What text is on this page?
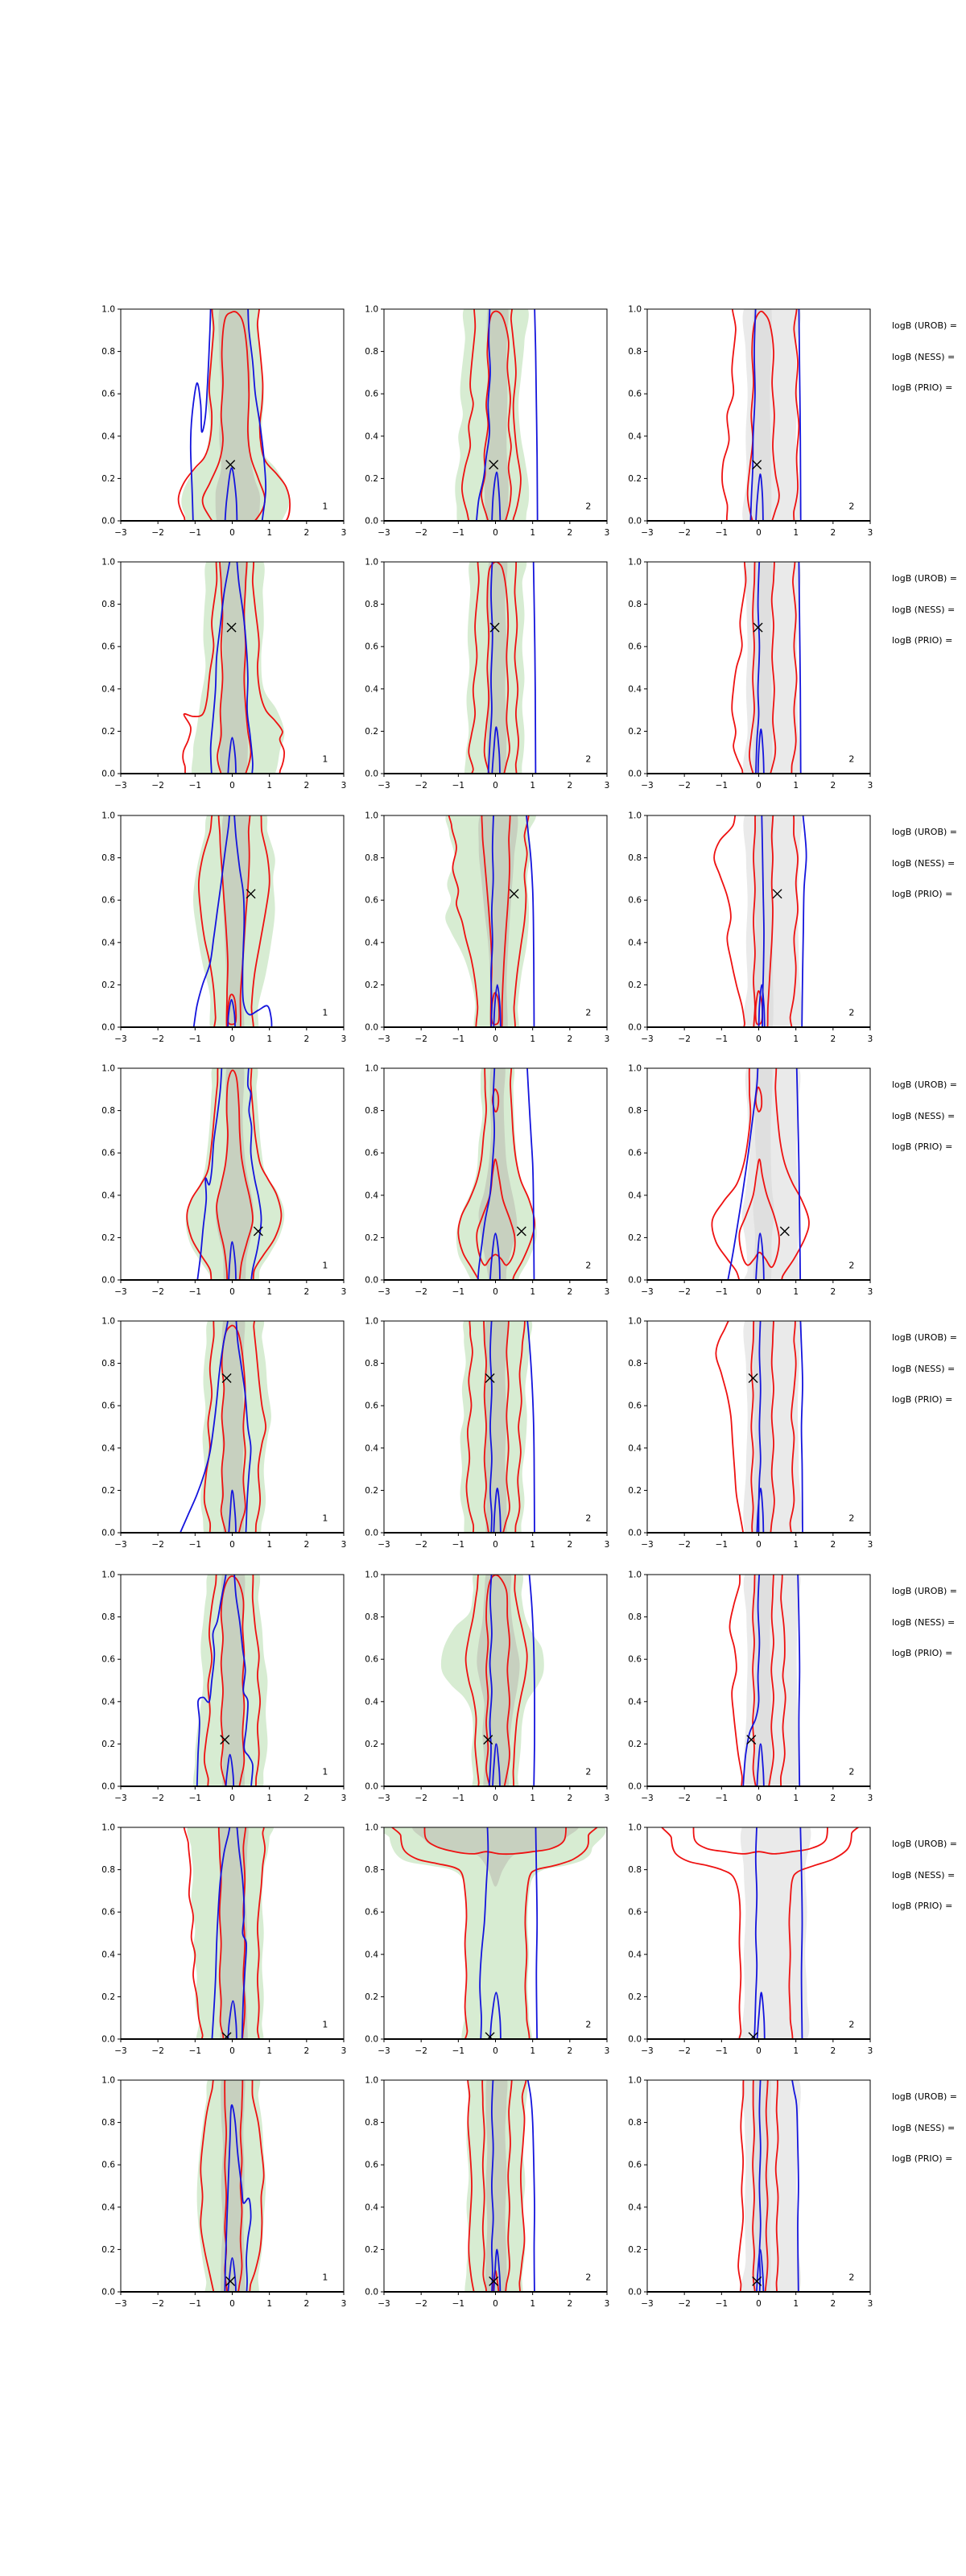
−3	−2	−1	0	1	2	3
0.0
0.2
0.4
0.6
0.8
1.0
1
−3	−2	−1	0	1	2	3
0.0
0.2
0.4
0.6
0.8
1.0
2
−3	−2	−1	0	1	2	3
0.0
0.2
0.4
0.6
0.8
1.0
2
logB (UROB) =
logB (NESS) =
logB (PRIO) =
−3	−2	−1	0	1	2	3
0.0
0.2
0.4
0.6
0.8
1.0
1
−3	−2	−1	0	1	2	3
0.0
0.2
0.4
0.6
0.8
1.0
2
−3	−2	−1	0	1	2	3
0.0
0.2
0.4
0.6
0.8
1.0
2
logB (UROB) =
logB (NESS) =
logB (PRIO) =
−3	−2	−1	0	1	2	3
0.0
0.2
0.4
0.6
0.8
1.0
1
−3	−2	−1	0	1	2	3
0.0
0.2
0.4
0.6
0.8
1.0
2
−3	−2	−1	0	1	2	3
0.0
0.2
0.4
0.6
0.8
1.0
2
logB (UROB) =
logB (NESS) =
logB (PRIO) =
−3	−2	−1	0	1	2	3
0.0
0.2
0.4
0.6
0.8
1.0
1
−3	−2	−1	0	1	2	3
0.0
0.2
0.4
0.6
0.8
1.0
2
−3	−2	−1	0	1	2	3
0.0
0.2
0.4
0.6
0.8
1.0
2
logB (UROB) =
logB (NESS) =
logB (PRIO) =
−3	−2	−1	0	1	2	3
0.0
0.2
0.4
0.6
0.8
1.0
1
−3	−2	−1	0	1	2	3
0.0
0.2
0.4
0.6
0.8
1.0
2
−3	−2	−1	0	1	2	3
0.0
0.2
0.4
0.6
0.8
1.0
2
logB (UROB) =
logB (NESS) =
logB (PRIO) =
−3	−2	−1	0	1	2	3
0.0
0.2
0.4
0.6
0.8
1.0
1
−3	−2	−1	0	1	2	3
0.0
0.2
0.4
0.6
0.8
1.0
2
−3	−2	−1	0	1	2	3
0.0
0.2
0.4
0.6
0.8
1.0
2
logB (UROB) =
logB (NESS) =
logB (PRIO) =
−3	−2	−1	0	1	2	3
0.0
0.2
0.4
0.6
0.8
1.0
1
−3	−2	−1	0	1	2	3
0.0
0.2
0.4
0.6
0.8
1.0
2
−3	−2	−1	0	1	2	3
0.0
0.2
0.4
0.6
0.8
1.0
2
logB (UROB) =
logB (NESS) =
logB (PRIO) =
−3	−2	−1	0	1	2	3
0.0
0.2
0.4
0.6
0.8
1.0
1
−3	−2	−1	0	1	2	3
0.0
0.2
0.4
0.6
0.8
1.0
2
−3	−2	−1	0	1	2	3
0.0
0.2
0.4
0.6
0.8
1.0
2
logB (UROB) =
logB (NESS) =
logB (PRIO) =
